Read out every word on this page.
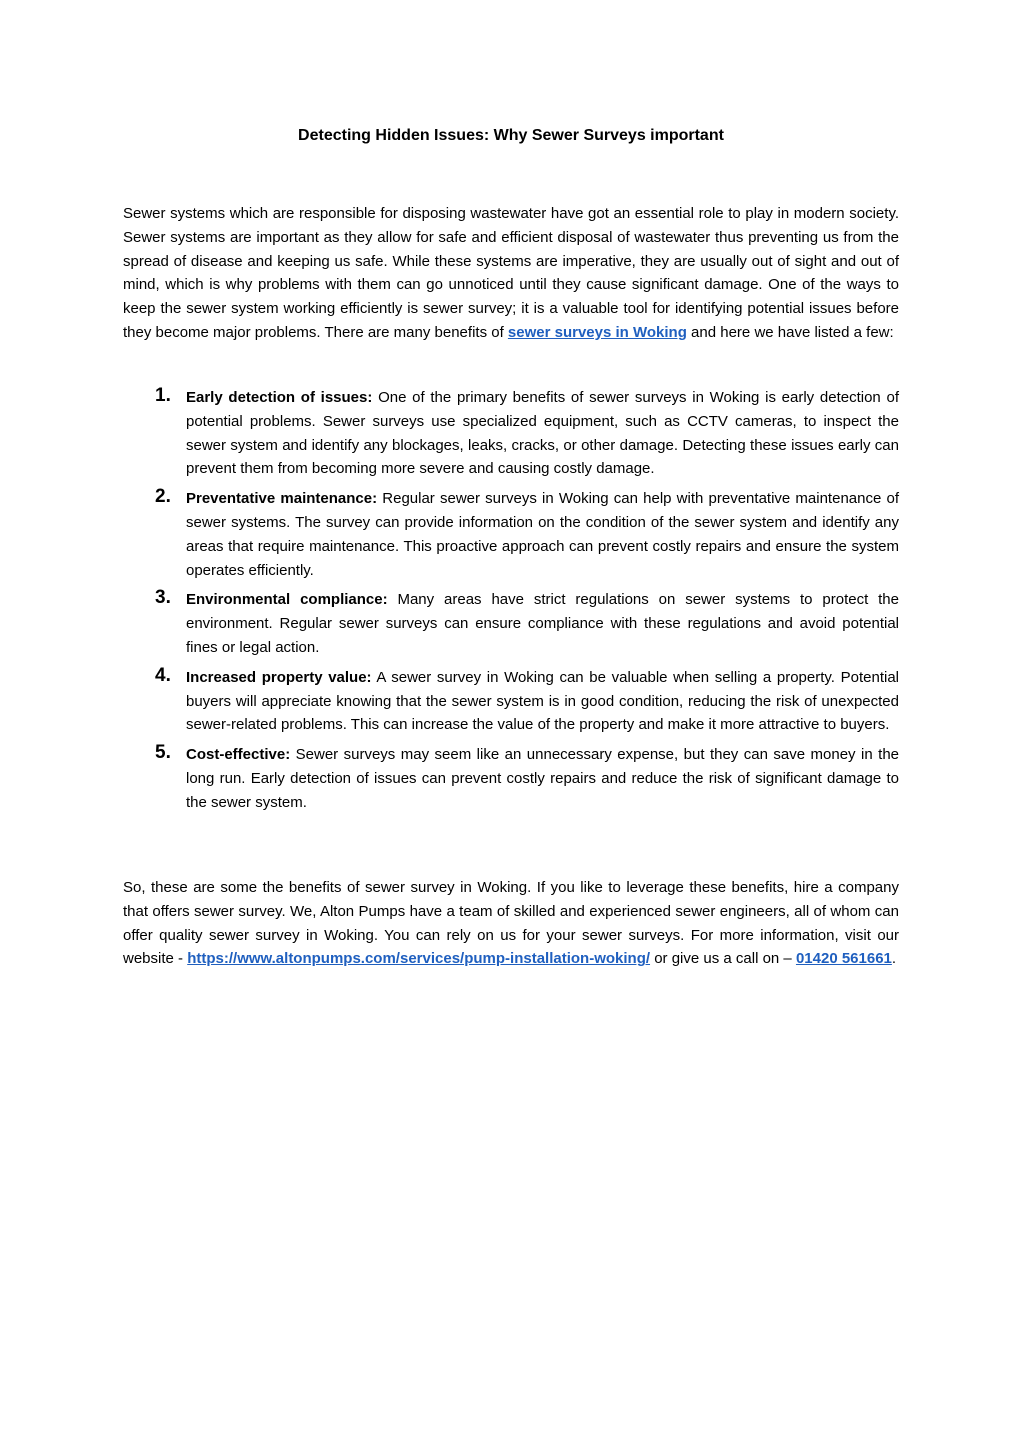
Detecting Hidden Issues: Why Sewer Surveys important

Sewer systems which are responsible for disposing wastewater have got an essential role to play in modern society. Sewer systems are important as they allow for safe and efficient disposal of wastewater thus preventing us from the spread of disease and keeping us safe. While these systems are imperative, they are usually out of sight and out of mind, which is why problems with them can go unnoticed until they cause significant damage. One of the ways to keep the sewer system working efficiently is sewer survey; it is a valuable tool for identifying potential issues before they become major problems. There are many benefits of sewer surveys in Woking and here we have listed a few:

1. Early detection of issues: One of the primary benefits of sewer surveys in Woking is early detection of potential problems. Sewer surveys use specialized equipment, such as CCTV cameras, to inspect the sewer system and identify any blockages, leaks, cracks, or other damage. Detecting these issues early can prevent them from becoming more severe and causing costly damage.

2. Preventative maintenance: Regular sewer surveys in Woking can help with preventative maintenance of sewer systems. The survey can provide information on the condition of the sewer system and identify any areas that require maintenance. This proactive approach can prevent costly repairs and ensure the system operates efficiently.

3. Environmental compliance: Many areas have strict regulations on sewer systems to protect the environment. Regular sewer surveys can ensure compliance with these regulations and avoid potential fines or legal action.

4. Increased property value: A sewer survey in Woking can be valuable when selling a property. Potential buyers will appreciate knowing that the sewer system is in good condition, reducing the risk of unexpected sewer-related problems. This can increase the value of the property and make it more attractive to buyers.

5. Cost-effective: Sewer surveys may seem like an unnecessary expense, but they can save money in the long run. Early detection of issues can prevent costly repairs and reduce the risk of significant damage to the sewer system.

So, these are some the benefits of sewer survey in Woking. If you like to leverage these benefits, hire a company that offers sewer survey. We, Alton Pumps have a team of skilled and experienced sewer engineers, all of whom can offer quality sewer survey in Woking. You can rely on us for your sewer surveys. For more information, visit our website - https://www.altonpumps.com/services/pump-installation-woking/ or give us a call on – 01420 561661.
